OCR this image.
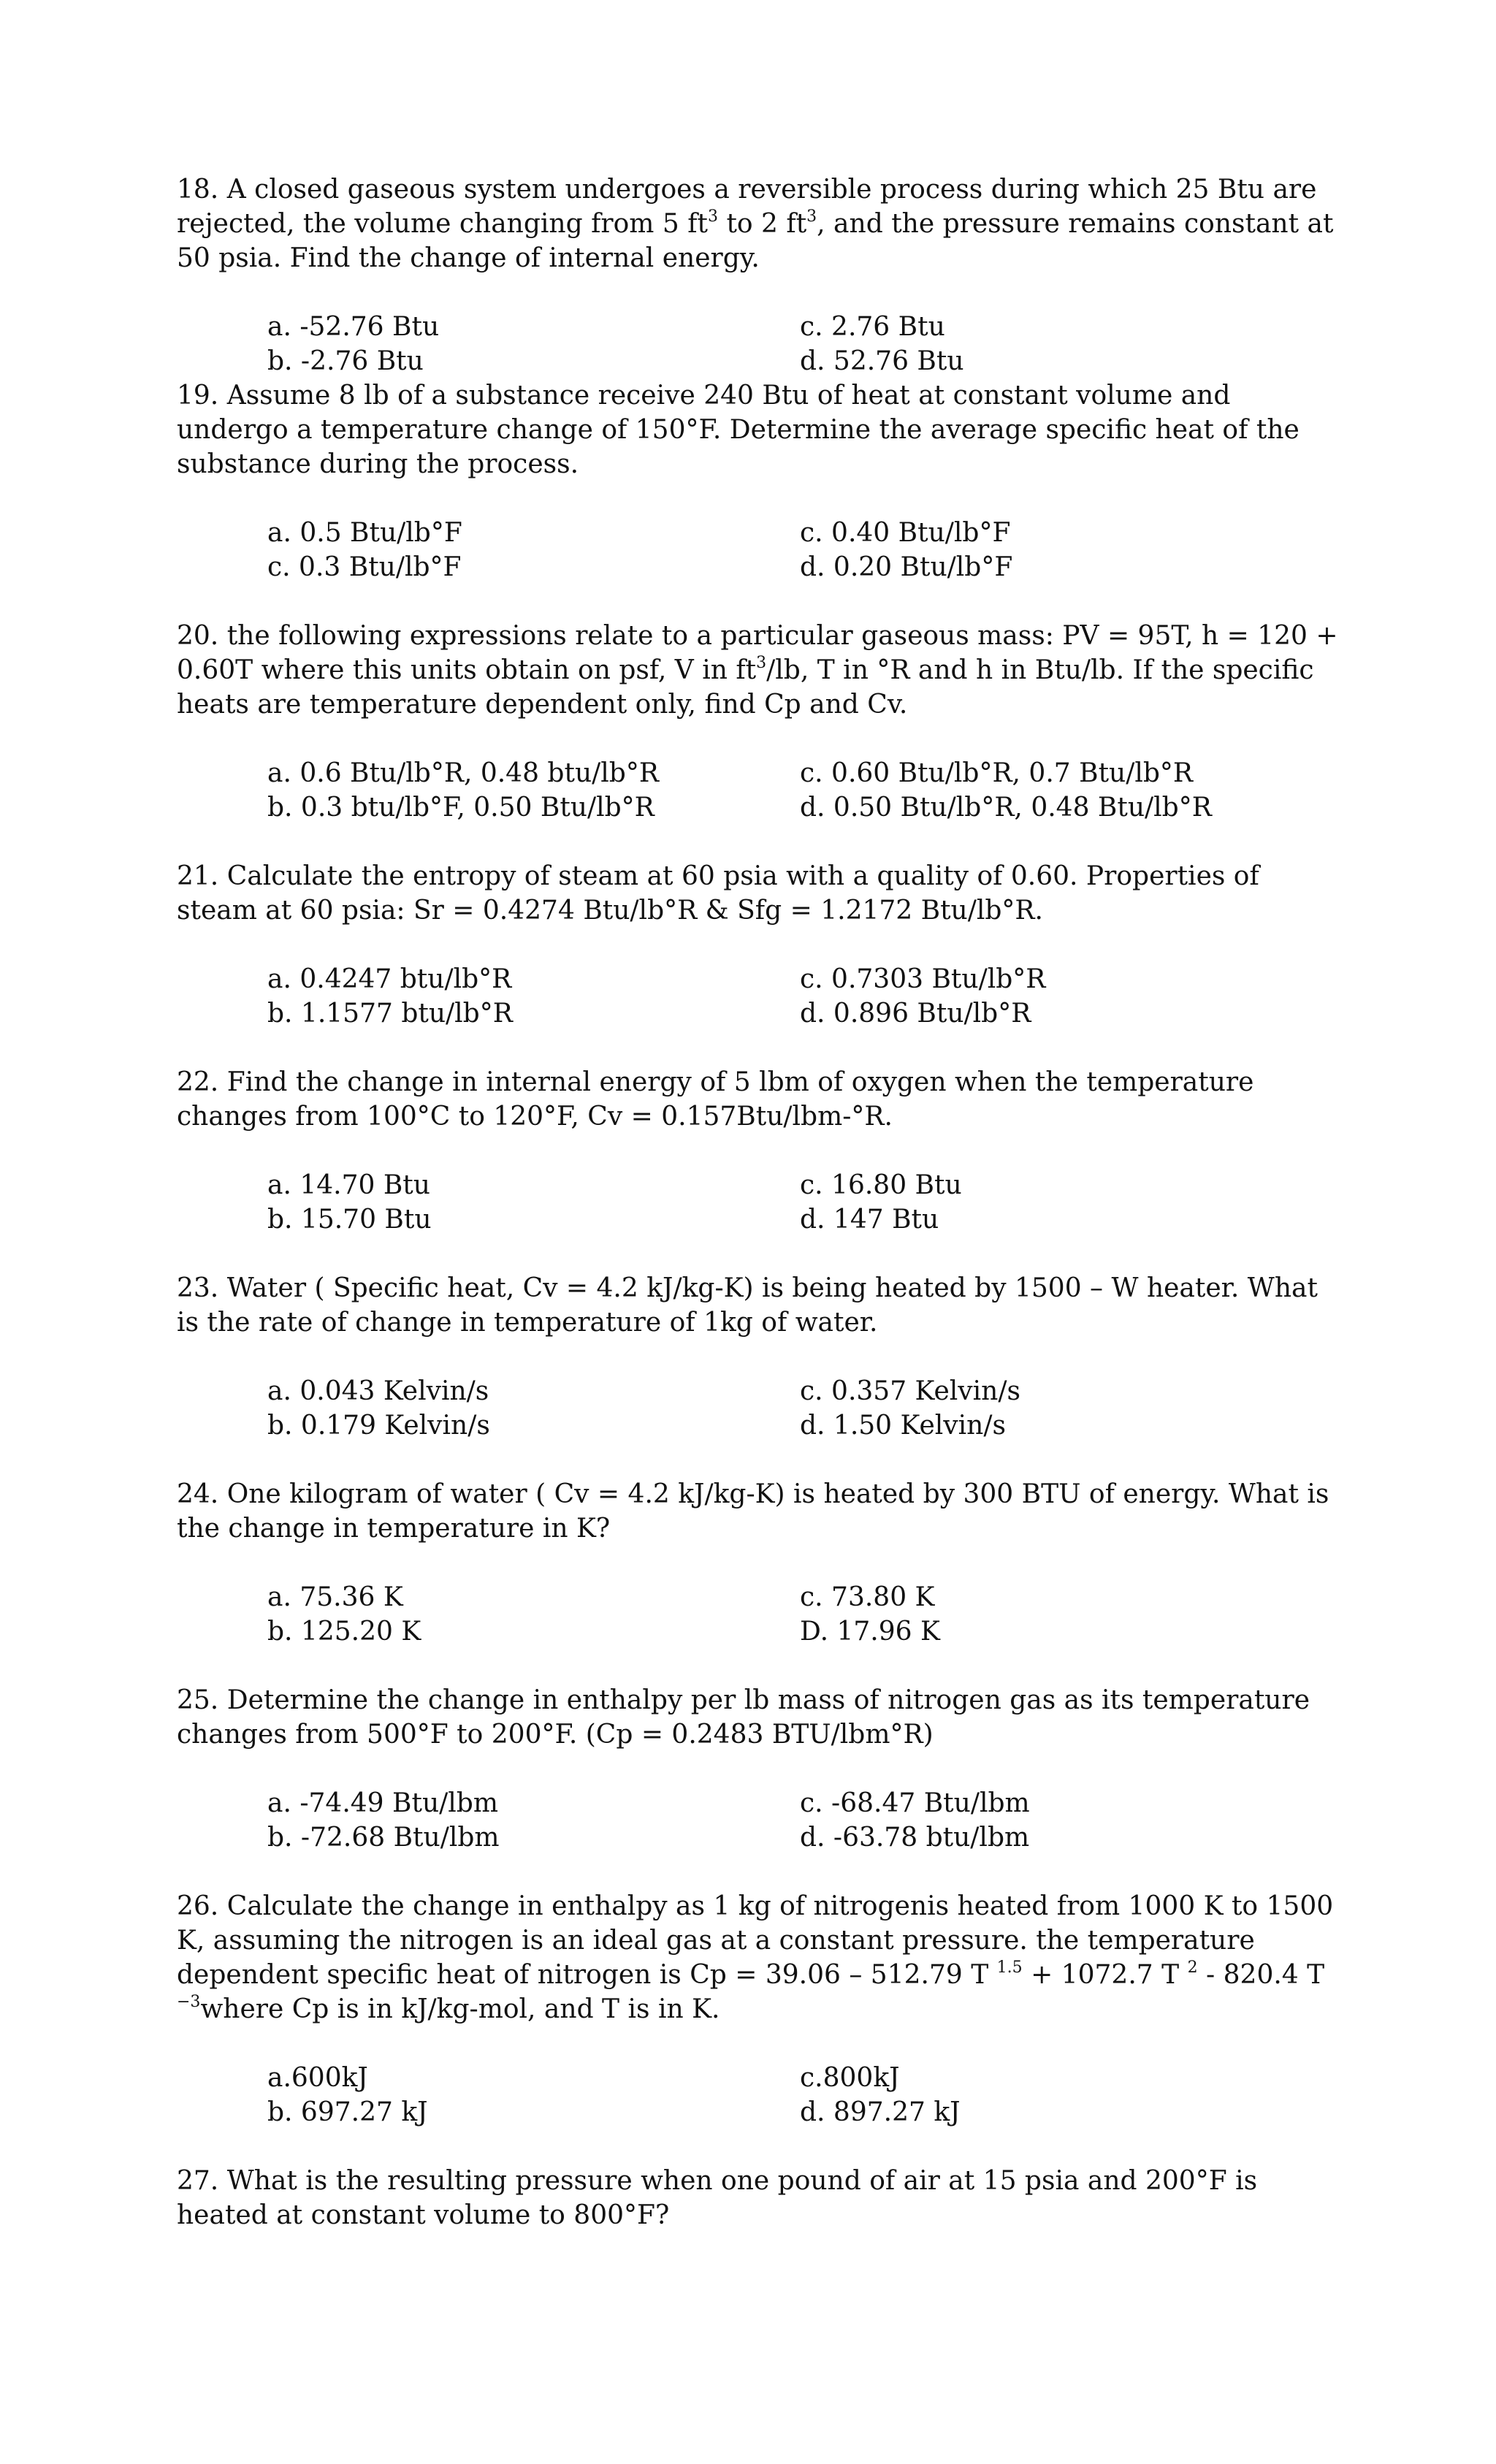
18. A closed gaseous system undergoes a reversible process during which 25 Btu are rejected, the volume changing from 5 $ft^3$ to 2 $ft^3$, and the pressure remains constant at 50 psia. Find the change of internal energy.

a. -52.76 Btu	c. 2.76 Btu
b. -2.76 Btu	d. 52.76 Btu

19. Assume 8 lb of a substance receive 240 Btu of heat at constant volume and undergo a temperature change of 150°F. Determine the average specific heat of the substance during the process.

a. 0.5 Btu/lb°F	c. 0.40 Btu/lb°F
c. 0.3 Btu/lb°F	d. 0.20 Btu/lb°F

20. the following expressions relate to a particular gaseous mass: PV = 95T, h = 120 + 0.60T where this units obtain on psf, V in $ft^3/lb$, T in °R and h in Btu/lb. If the specific heats are temperature dependent only, find Cp and Cv.

a. 0.6 Btu/lb°R, 0.48 btu/lb°R	c. 0.60 Btu/lb°R, 0.7 Btu/lb°R
b. 0.3 btu/lb°F, 0.50 Btu/lb°R	d. 0.50 Btu/lb°R, 0.48 Btu/lb°R

21. Calculate the entropy of steam at 60 psia with a quality of 0.60. Properties of steam at 60 psia: Sr = 0.4274 Btu/lb°R & Sfg = 1.2172 Btu/lb°R.

a. 0.4247 btu/lb°R	c. 0.7303 Btu/lb°R
b. 1.1577 btu/lb°R	d. 0.896 Btu/lb°R

22. Find the change in internal energy of 5 lbm of oxygen when the temperature changes from 100°C to 120°F, Cv = 0.157Btu/lbm-°R.

a. 14.70 Btu	c. 16.80 Btu
b. 15.70 Btu	d. 147 Btu

23. Water ( Specific heat, Cv = 4.2 kJ/kg-K) is being heated by 1500 – W heater. What is the rate of change in temperature of 1kg of water.

a. 0.043 Kelvin/s	c. 0.357 Kelvin/s
b. 0.179 Kelvin/s	d. 1.50 Kelvin/s

24. One kilogram of water ( Cv = 4.2 kJ/kg-K) is heated by 300 BTU of energy. What is the change in temperature in K?

a. 75.36 K	c. 73.80 K
b. 125.20 K	D. 17.96 K

25. Determine the change in enthalpy per lb mass of nitrogen gas as its temperature changes from 500°F to 200°F. (Cp = 0.2483 BTU/lbm°R)

a. -74.49 Btu/lbm	c. -68.47 Btu/lbm
b. -72.68 Btu/lbm	d. -63.78 btu/lbm

26. Calculate the change in enthalpy as 1 kg of nitrogenis heated from 1000 K to 1500 K, assuming the nitrogen is an ideal gas at a constant pressure. the temperature dependent specific heat of nitrogen is Cp = 39.06 – 512.79 T $^{1.5}$ + 1072.7 T $^2$ - 820.4 T $^{-3}$where Cp is in kJ/kg-mol, and T is in K.

a.600kJ	c.800kJ
b. 697.27 kJ	d. 897.27 kJ

27. What is the resulting pressure when one pound of air at 15 psia and 200°F is heated at constant volume to 800°F?
